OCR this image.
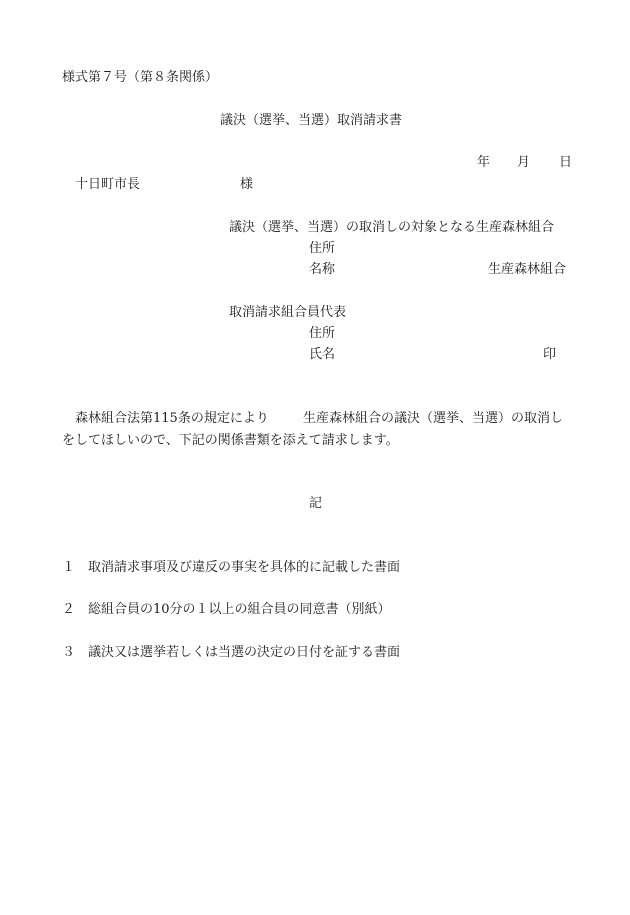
様式第７号（第８条関係）
議決（選挙、当選）取消請求書
年 月 日
十日町市長	様
議決（選挙、当選）の取消しの対象となる生産森林組合
住所
名称	生産森林組合
取消請求組合員代表
住所
氏名	印
森林組合法第115条の規定により	生産森林組合の議決（選挙、当選）の取消し
をしてほしいので、下記の関係書類を添えて請求します。
記
１ 取消請求事項及び違反の事実を具体的に記載した書面
２ 総組合員の10分の１以上の組合員の同意書（別紙）
３ 議決又は選挙若しくは当選の決定の日付を証する書面
